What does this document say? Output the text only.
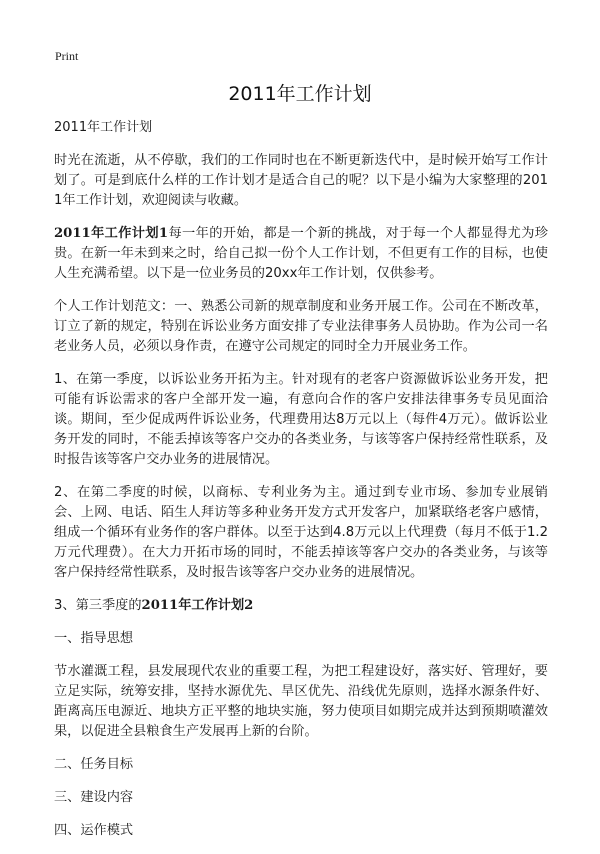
Print
2011年工作计划
2011年工作计划

时光在流逝，从不停歇，我们的工作同时也在不断更新迭代中，是时候开始写工作计划了。可是到底什么样的工作计划才是适合自己的呢？以下是小编为大家整理的2011年工作计划，欢迎阅读与收藏。

2011年工作计划1每一年的开始，都是一个新的挑战，对于每一个人都显得尤为珍贵。在新一年未到来之时，给自己拟一份个人工作计划，不但更有工作的目标，也使人生充满希望。以下是一位业务员的20xx年工作计划，仅供参考。

个人工作计划范文：一、熟悉公司新的规章制度和业务开展工作。公司在不断改革，订立了新的规定，特别在诉讼业务方面安排了专业法律事务人员协助。作为公司一名老业务人员，必须以身作责，在遵守公司规定的同时全力开展业务工作。

1、在第一季度，以诉讼业务开拓为主。针对现有的老客户资源做诉讼业务开发，把可能有诉讼需求的客户全部开发一遍，有意向合作的客户安排法律事务专员见面洽谈。期间，至少促成两件诉讼业务，代理费用达8万元以上（每件4万元）。做诉讼业务开发的同时，不能丢掉该等客户交办的各类业务，与该等客户保持经常性联系，及时报告该等客户交办业务的进展情况。

2、在第二季度的时候，以商标、专利业务为主。通过到专业市场、参加专业展销会、上网、电话、陌生人拜访等多种业务开发方式开发客户，加紧联络老客户感情，组成一个循环有业务作的客户群体。以至于达到4.8万元以上代理费（每月不低于1.2万元代理费）。在大力开拓市场的同时，不能丢掉该等客户交办的各类业务，与该等客户保持经常性联系，及时报告该等客户交办业务的进展情况。

3、第三季度的2011年工作计划2

一、指导思想

节水灌溉工程，县发展现代农业的重要工程，为把工程建设好，落实好、管理好，要立足实际，统筹安排，坚持水源优先、旱区优先、沿线优先原则，选择水源条件好、距离高压电源近、地块方正平整的地块实施，努力使项目如期完成并达到预期喷灌效果，以促进全县粮食生产发展再上新的台阶。

二、任务目标

三、建设内容

四、运作模式
